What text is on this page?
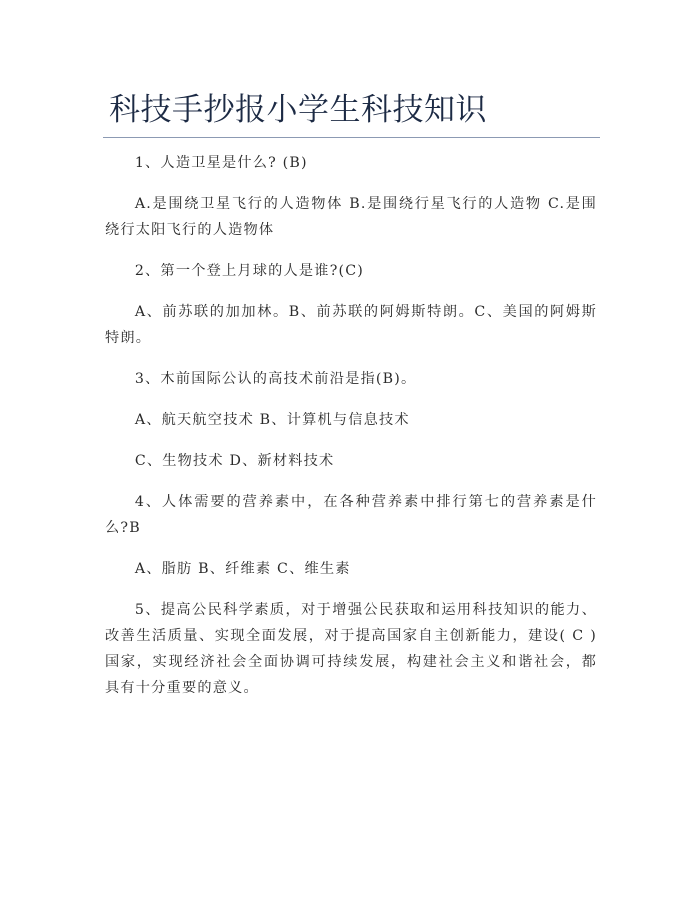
科技手抄报小学生科技知识

1、人造卫星是什么? (B)

A.是围绕卫星飞行的人造物体 B.是围绕行星飞行的人造物 C.是围绕行太阳飞行的人造物体

2、第一个登上月球的人是谁?(C)

A、前苏联的加加林。B、前苏联的阿姆斯特朗。C、美国的阿姆斯特朗。

3、木前国际公认的高技术前沿是指(B)。

A、航天航空技术 B、计算机与信息技术

C、生物技术 D、新材料技术

4、人体需要的营养素中，在各种营养素中排行第七的营养素是什么?B

A、脂肪 B、纤维素 C、维生素

5、提高公民科学素质，对于增强公民获取和运用科技知识的能力、改善生活质量、实现全面发展，对于提高国家自主创新能力，建设( C )国家，实现经济社会全面协调可持续发展，构建社会主义和谐社会，都具有十分重要的意义。
